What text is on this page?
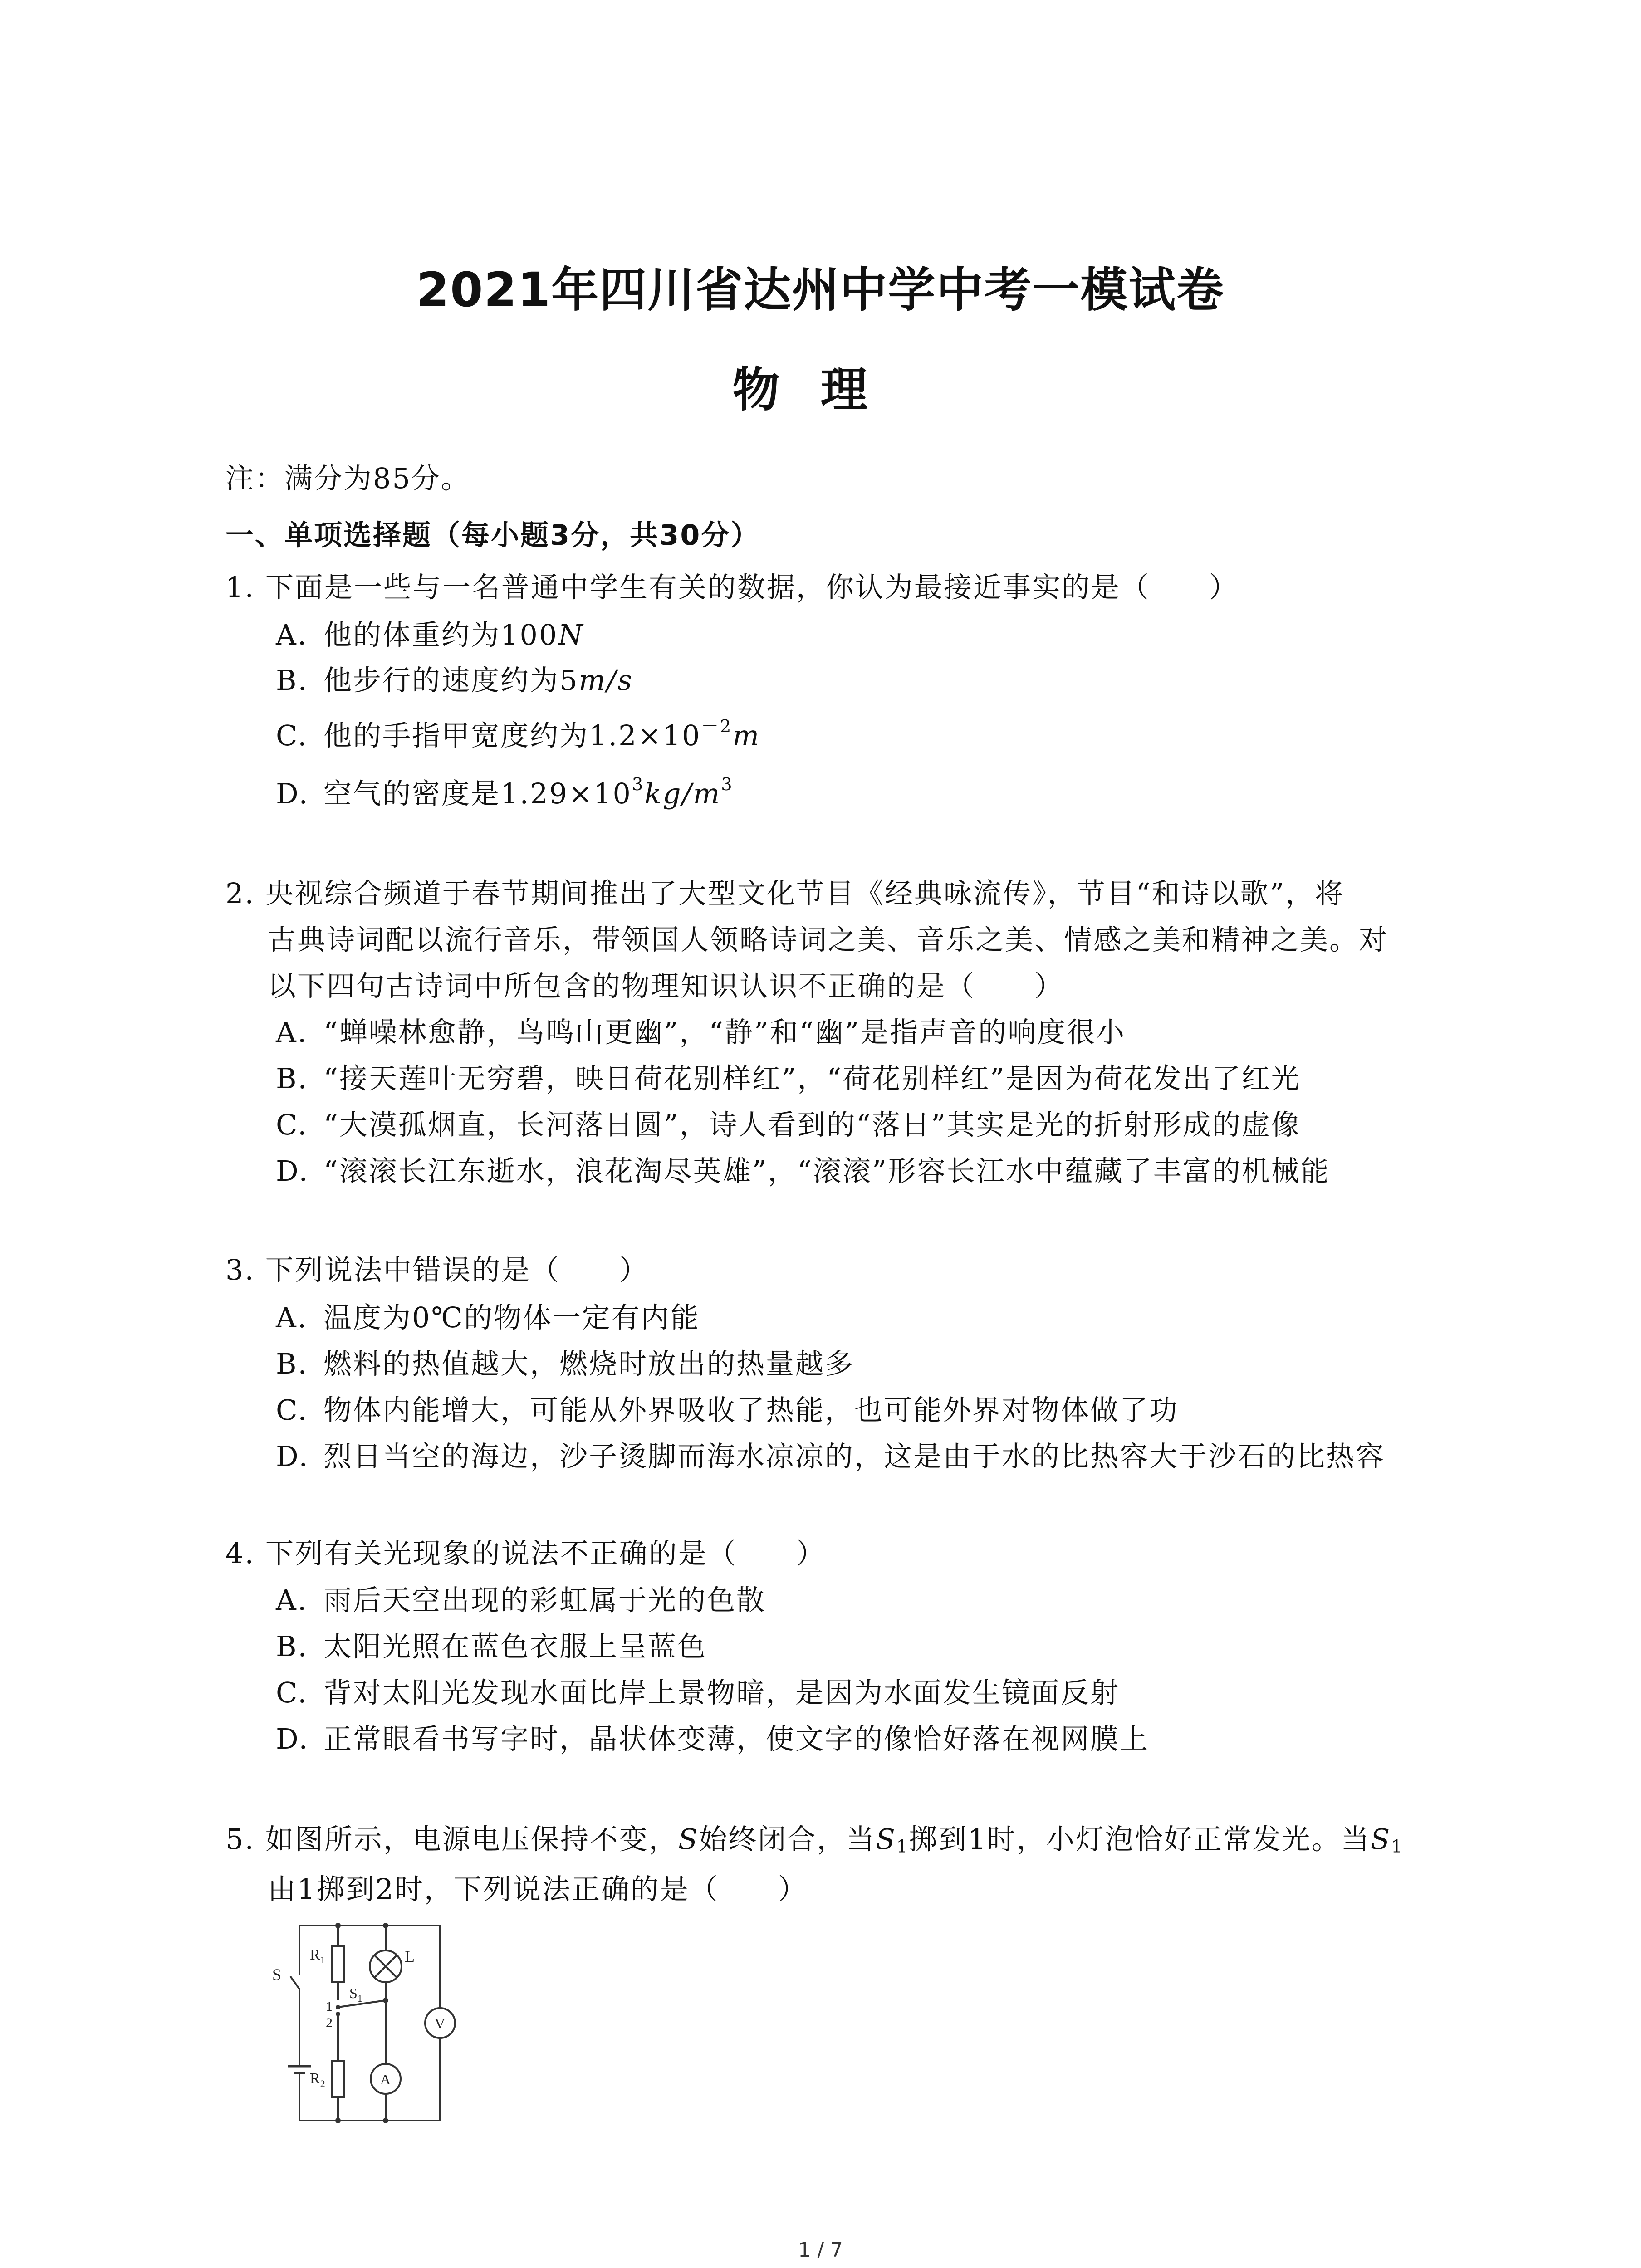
2021年四川省达州中学中考一模试卷
物理
注：满分为85分。
一、单项选择题（每小题3分，共30分）
1. 下面是一些与一名普通中学生有关的数据，你认为最接近事实的是（　　）
A. 他的体重约为100N
B. 他步行的速度约为5m/s
C. 他的手指甲宽度约为$1.2\times 10^{-2}m$
D. 空气的密度是$1.29\times 10^3kg/m^3$
2. 央视综合频道于春节期间推出了大型文化节目《经典咏流传》，节目“和诗以歌”，将
古典诗词配以流行音乐，带领国人领略诗词之美、音乐之美、情感之美和精神之美。对
以下四句古诗词中所包含的物理知识认识不正确的是（　　）
A. “蝉噪林愈静，鸟鸣山更幽”，“静”和“幽”是指声音的响度很小
B. “接天莲叶无穷碧，映日荷花别样红”，“荷花别样红”是因为荷花发出了红光
C. “大漠孤烟直，长河落日圆”，诗人看到的“落日”其实是光的折射形成的虚像
D. “滚滚长江东逝水，浪花淘尽英雄”，“滚滚”形容长江水中蕴藏了丰富的机械能
3. 下列说法中错误的是（　　）
A. 温度为0℃的物体一定有内能
B. 燃料的热值越大，燃烧时放出的热量越多
C. 物体内能增大，可能从外界吸收了热能，也可能外界对物体做了功
D. 烈日当空的海边，沙子烫脚而海水凉凉的，这是由于水的比热容大于沙石的比热容
4. 下列有关光现象的说法不正确的是（　　）
A. 雨后天空出现的彩虹属于光的色散
B. 太阳光照在蓝色衣服上呈蓝色
C. 背对太阳光发现水面比岸上景物暗，是因为水面发生镜面反射
D. 正常眼看书写字时，晶状体变薄，使文字的像恰好落在视网膜上
5. 如图所示，电源电压保持不变，S始终闭合，当$S_1$掷到1时，小灯泡恰好正常发光。当$S_1$
由1掷到2时，下列说法正确的是（　　）
S
$R_1$	L
$S_1$
1
2	V
A
$R_2$
1 / 7
